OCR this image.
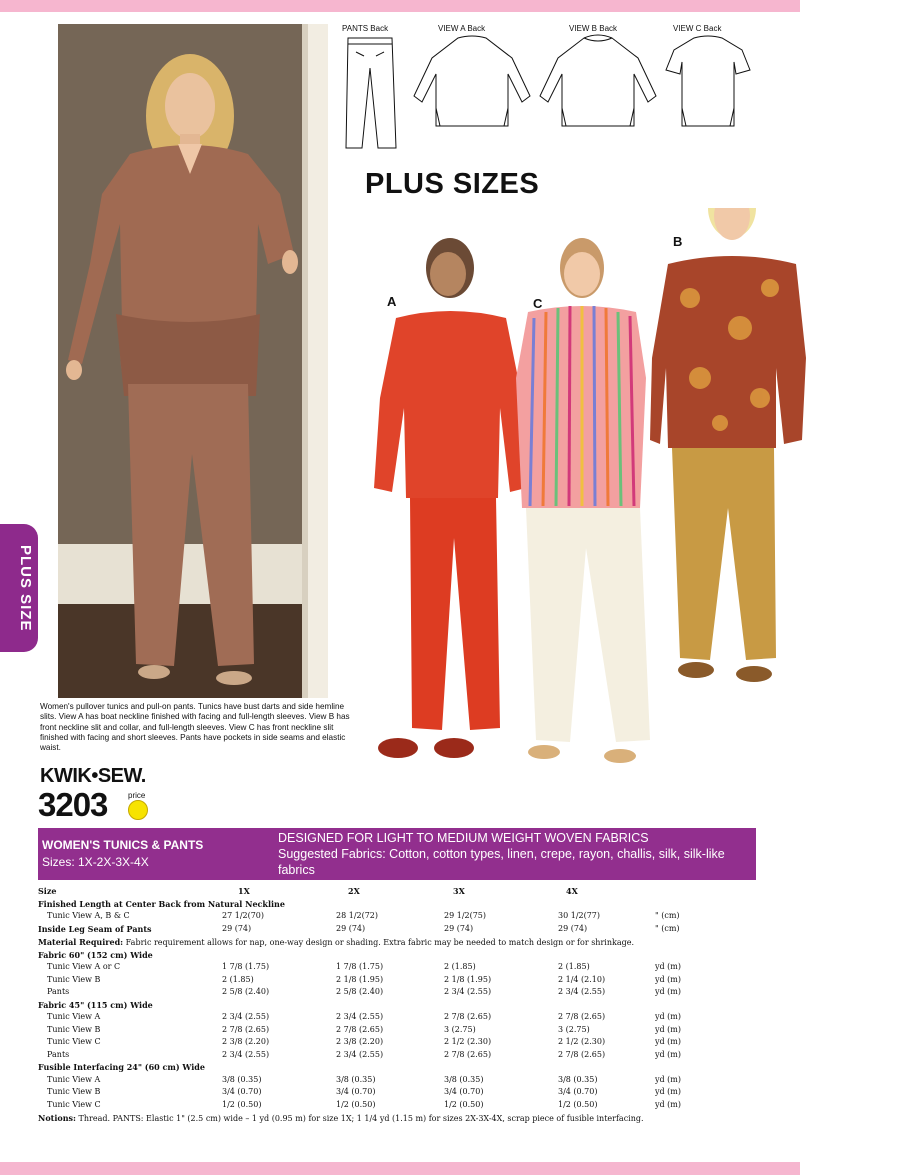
PLUS SIZE
Women's pullover tunics and pull-on pants. Tunics have bust darts and side hemline slits. View A has boat neckline finished with facing and full-length sleeves. View B has front neckline slit and collar, and full-length sleeves. View C has front neckline slit finished with facing and short sleeves. Pants have pockets in side seams and elastic waist.
KWIK•SEW.
3203	price
PANTS Back	VIEW A Back	VIEW B Back	VIEW C Back
PLUS SIZES
A	C
B
WOMEN'S TUNICS & PANTS
Sizes: 1X-2X-3X-4X
DESIGNED FOR LIGHT TO MEDIUM WEIGHT WOVEN FABRICS
Suggested Fabrics: Cotton, cotton types, linen, crepe, rayon, challis, silk, silk-like fabrics
Size	1X	2X	3X	4X
Finished Length at Center Back from Natural Neckline
Tunic View A, B & C	27 1/2(70)	28 1/2(72)	29 1/2(75)	30 1/2(77)	" (cm)
Inside Leg Seam of Pants	29 (74)	29 (74)	29 (74)	29 (74)	" (cm)
Material Required: Fabric requirement allows for nap, one-way design or shading. Extra fabric may be needed to match design or for shrinkage.
Fabric 60" (152 cm) Wide
Tunic View A or C	1 7/8 (1.75)	1 7/8 (1.75)	2 (1.85)	2 (1.85)	yd (m)
Tunic View B	2 (1.85)	2 1/8 (1.95)	2 1/8 (1.95)	2 1/4 (2.10)	yd (m)
Pants	2 5/8 (2.40)	2 5/8 (2.40)	2 3/4 (2.55)	2 3/4 (2.55)	yd (m)
Fabric 45" (115 cm) Wide
Tunic View A	2 3/4 (2.55)	2 3/4 (2.55)	2 7/8 (2.65)	2 7/8 (2.65)	yd (m)
Tunic View B	2 7/8 (2.65)	2 7/8 (2.65)	3 (2.75)	3 (2.75)	yd (m)
Tunic View C	2 3/8 (2.20)	2 3/8 (2.20)	2 1/2 (2.30)	2 1/2 (2.30)	yd (m)
Pants	2 3/4 (2.55)	2 3/4 (2.55)	2 7/8 (2.65)	2 7/8 (2.65)	yd (m)
Fusible Interfacing 24" (60 cm) Wide
Tunic View A	3/8 (0.35)	3/8 (0.35)	3/8 (0.35)	3/8 (0.35)	yd (m)
Tunic View B	3/4 (0.70)	3/4 (0.70)	3/4 (0.70)	3/4 (0.70)	yd (m)
Tunic View C	1/2 (0.50)	1/2 (0.50)	1/2 (0.50)	1/2 (0.50)	yd (m)
Notions: Thread. PANTS: Elastic 1" (2.5 cm) wide – 1 yd (0.95 m) for size 1X; 1 1/4 yd (1.15 m) for sizes 2X-3X-4X, scrap piece of fusible interfacing.
